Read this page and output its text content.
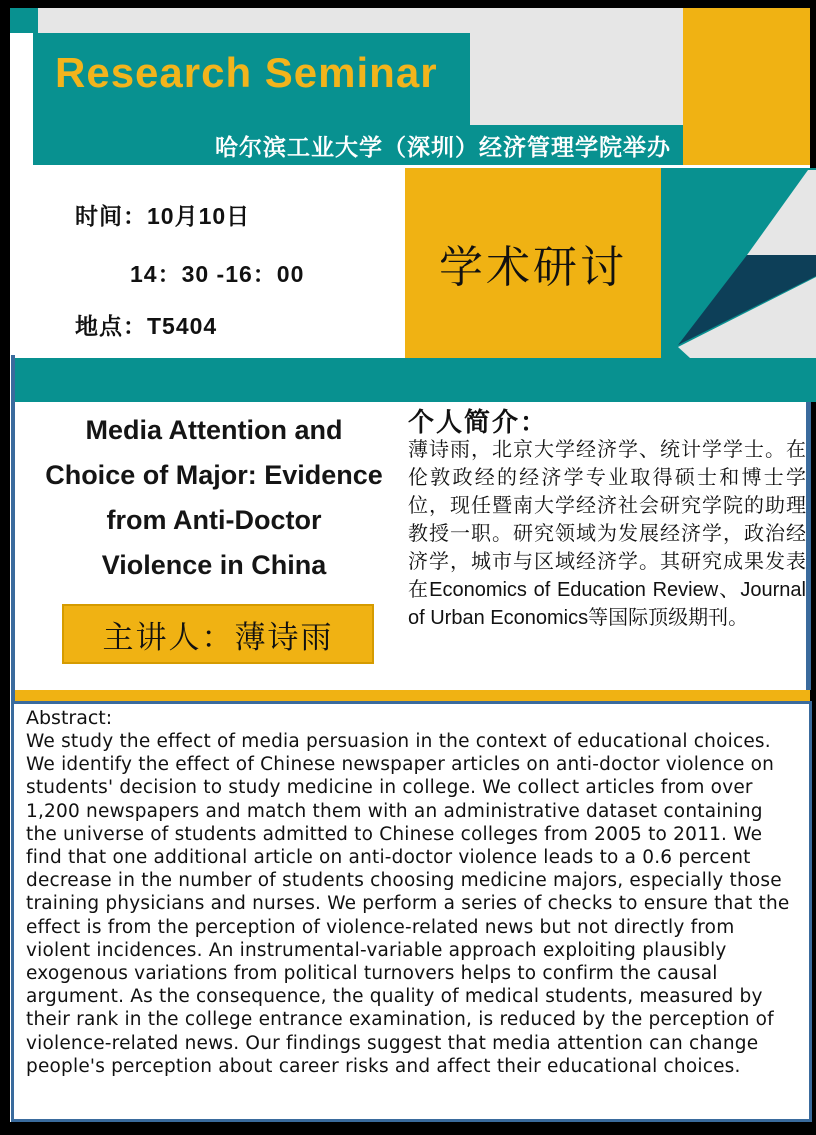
Research Seminar
哈尔滨工业大学（深圳）经济管理学院举办
时间：10月10日
14：30 -16：00
地点：T5404
学术研讨
Media Attention and
Choice of Major: Evidence
from Anti-Doctor
Violence in China
主讲人：薄诗雨
个人简介：
薄诗雨，北京大学经济学、统计学学士。在伦敦政经的经济学专业取得硕士和博士学位，现任暨南大学经济社会研究学院的助理教授一职。研究领域为发展经济学，政治经济学，城市与区域经济学。其研究成果发表在Economics of Education Review、Journal of Urban Economics等国际顶级期刊。
Abstract:
We study the effect of media persuasion in the context of educational choices. We identify the effect of Chinese newspaper articles on anti-doctor violence on students' decision to study medicine in college. We collect articles from over 1,200 newspapers and match them with an administrative dataset containing the universe of students admitted to Chinese colleges from 2005 to 2011. We find that one additional article on anti-doctor violence leads to a 0.6 percent decrease in the number of students choosing medicine majors, especially those training physicians and nurses. We perform a series of checks to ensure that the effect is from the perception of violence-related news but not directly from violent incidences. An instrumental-variable approach exploiting plausibly exogenous variations from political turnovers helps to confirm the causal argument. As the consequence, the quality of medical students, measured by their rank in the college entrance examination, is reduced by the perception of violence-related news. Our findings suggest that media attention can change people's perception about career risks and affect their educational choices.
